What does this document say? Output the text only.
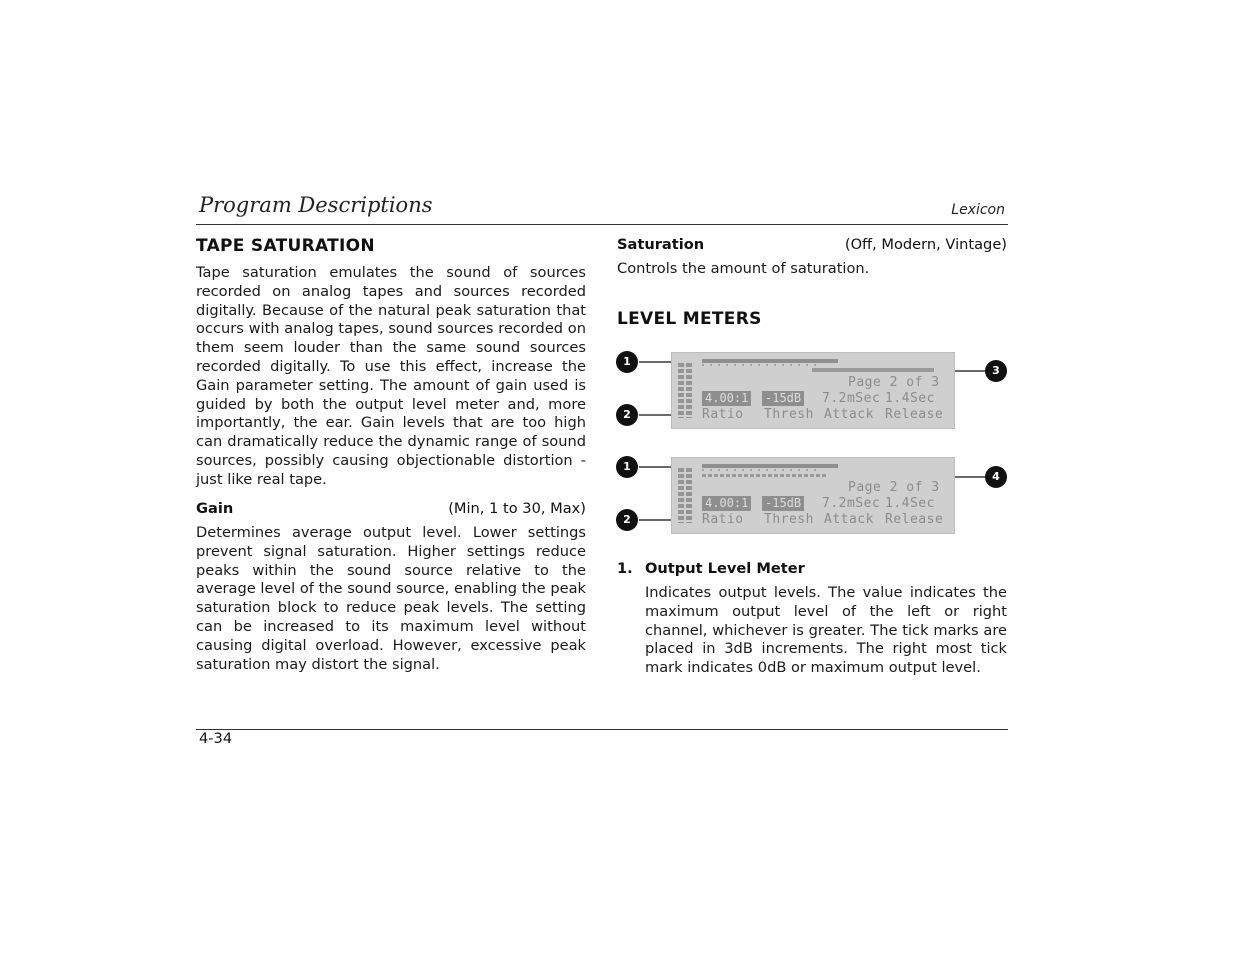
Program Descriptions	Lexicon
TAPE SATURATION
Tape saturation emulates the sound of sources recorded on analog tapes and sources recorded digitally. Because of the natural peak saturation that occurs with analog tapes, sound sources recorded on them seem louder than the same sound sources recorded digitally. To use this effect, increase the Gain parameter setting. The amount of gain used is guided by both the output level meter and, more importantly, the ear. Gain levels that are too high can dramatically reduce the dynamic range of sound sources, possibly causing objectionable distortion - just like real tape.
Gain	(Min, 1 to 30, Max)
Determines average output level. Lower settings prevent signal saturation. Higher settings reduce peaks within the sound source relative to the average level of the sound source, enabling the peak saturation block to reduce peak levels. The setting can be increased to its maximum level without causing digital overload. However, excessive peak saturation may distort the signal.
Saturation	(Off, Modern, Vintage)
Controls the amount of saturation.
LEVEL METERS
Page 2 of 3
4.00:1 -15dB 7.2mSec 1.4Sec
Ratio Thresh Attack Release
Page 2 of 3
4.00:1 -15dB 7.2mSec 1.4Sec
Ratio Thresh Attack Release
1
2
3
1
2
4
1. Output Level Meter
Indicates output levels. The value indicates the maximum output level of the left or right channel, whichever is greater. The tick marks are placed in 3dB increments. The right most tick mark indicates 0dB or maximum output level.
4-34
